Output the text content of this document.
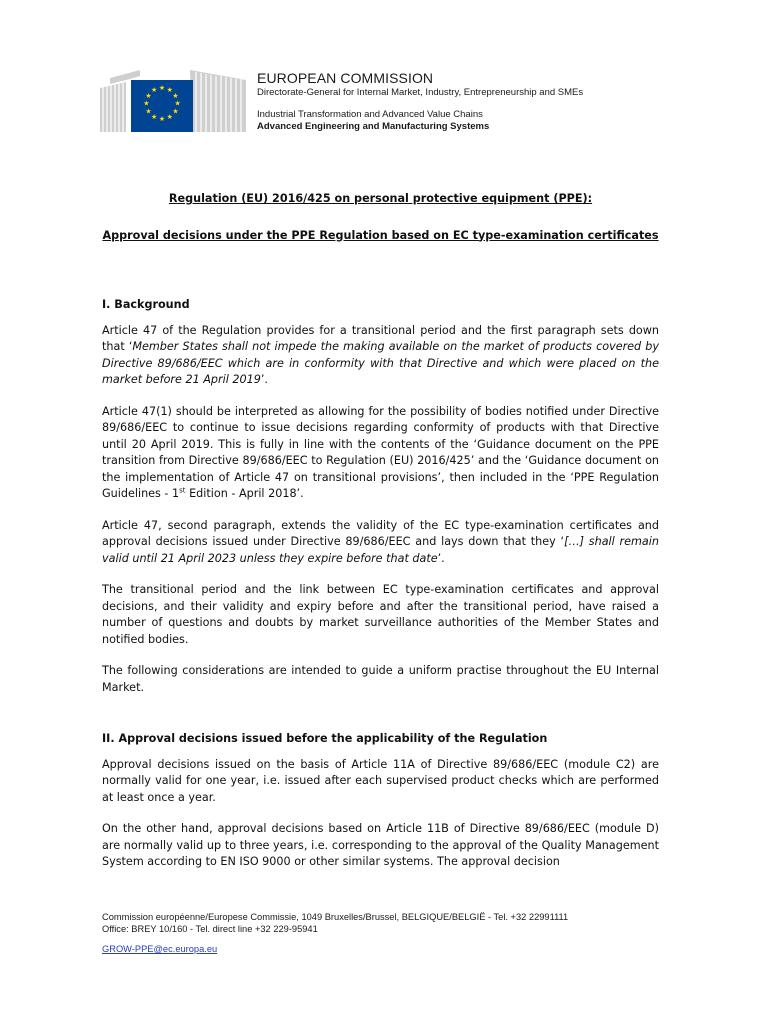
★ ★
★
★
★
★
★
★
★
★
★
★
EUROPEAN COMMISSION
Directorate-General for Internal Market, Industry, Entrepreneurship and SMEs
Industrial Transformation and Advanced Value Chains
Advanced Engineering and Manufacturing Systems

Regulation (EU) 2016/425 on personal protective equipment (PPE):

Approval decisions under the PPE Regulation based on EC type-examination certificates

I. Background

Article 47 of the Regulation provides for a transitional period and the first paragraph sets down that ‘Member States shall not impede the making available on the market of products covered by Directive 89/686/EEC which are in conformity with that Directive and which were placed on the market before 21 April 2019’.

Article 47(1) should be interpreted as allowing for the possibility of bodies notified under Directive 89/686/EEC to continue to issue decisions regarding conformity of products with that Directive until 20 April 2019. This is fully in line with the contents of the ‘Guidance document on the PPE transition from Directive 89/686/EEC to Regulation (EU) 2016/425’ and the ‘Guidance document on the implementation of Article 47 on transitional provisions’, then included in the ‘PPE Regulation Guidelines - 1st Edition - April 2018’.

Article 47, second paragraph, extends the validity of the EC type-examination certificates and approval decisions issued under Directive 89/686/EEC and lays down that they ‘[…] shall remain valid until 21 April 2023 unless they expire before that date’.

The transitional period and the link between EC type-examination certificates and approval decisions, and their validity and expiry before and after the transitional period, have raised a number of questions and doubts by market surveillance authorities of the Member States and notified bodies.

The following considerations are intended to guide a uniform practise throughout the EU Internal Market.

II. Approval decisions issued before the applicability of the Regulation

Approval decisions issued on the basis of Article 11A of Directive 89/686/EEC (module C2) are normally valid for one year, i.e. issued after each supervised product checks which are performed at least once a year.

On the other hand, approval decisions based on Article 11B of Directive 89/686/EEC (module D) are normally valid up to three years, i.e. corresponding to the approval of the Quality Management System according to EN ISO 9000 or other similar systems. The approval decision

Commission européenne/Europese Commissie, 1049 Bruxelles/Brussel, BELGIQUE/BELGIË - Tel. +32 22991111
Office: BREY 10/160 - Tel. direct line +32 229-95941
GROW-PPE@ec.europa.eu
